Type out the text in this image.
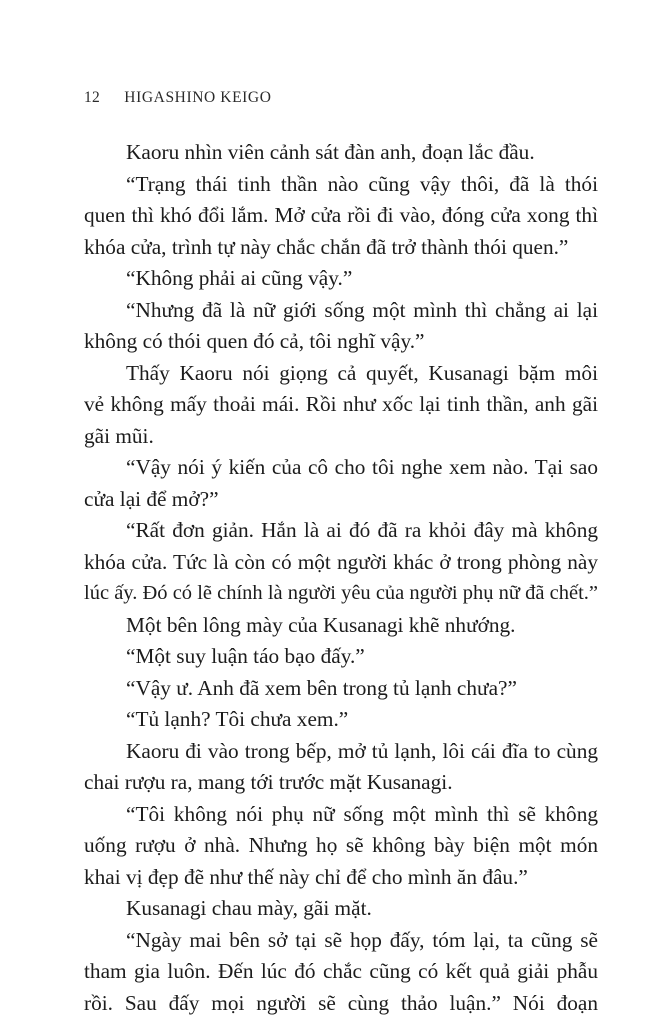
12 HIGASHINO KEIGO
Kaoru nhìn viên cảnh sát đàn anh, đoạn lắc đầu.
“Trạng thái tinh thần nào cũng vậy thôi, đã là thói
quen thì khó đổi lắm. Mở cửa rồi đi vào, đóng cửa xong thì
khóa cửa, trình tự này chắc chắn đã trở thành thói quen.”
“Không phải ai cũng vậy.”
“Nhưng đã là nữ giới sống một mình thì chẳng ai lại
không có thói quen đó cả, tôi nghĩ vậy.”
Thấy Kaoru nói giọng cả quyết, Kusanagi bặm môi
vẻ không mấy thoải mái. Rồi như xốc lại tinh thần, anh gãi
gãi mũi.
“Vậy nói ý kiến của cô cho tôi nghe xem nào. Tại sao
cửa lại để mở?”
“Rất đơn giản. Hắn là ai đó đã ra khỏi đây mà không
khóa cửa. Tức là còn có một người khác ở trong phòng này
lúc ấy. Đó có lẽ chính là người yêu của người phụ nữ đã chết.”
Một bên lông mày của Kusanagi khẽ nhướng.
“Một suy luận táo bạo đấy.”
“Vậy ư. Anh đã xem bên trong tủ lạnh chưa?”
“Tủ lạnh? Tôi chưa xem.”
Kaoru đi vào trong bếp, mở tủ lạnh, lôi cái đĩa to cùng
chai rượu ra, mang tới trước mặt Kusanagi.
“Tôi không nói phụ nữ sống một mình thì sẽ không
uống rượu ở nhà. Nhưng họ sẽ không bày biện một món
khai vị đẹp đẽ như thế này chỉ để cho mình ăn đâu.”
Kusanagi chau mày, gãi mặt.
“Ngày mai bên sở tại sẽ họp đấy, tóm lại, ta cũng sẽ
tham gia luôn. Đến lúc đó chắc cũng có kết quả giải phẫu
rồi. Sau đấy mọi người sẽ cùng thảo luận.” Nói đoạn
